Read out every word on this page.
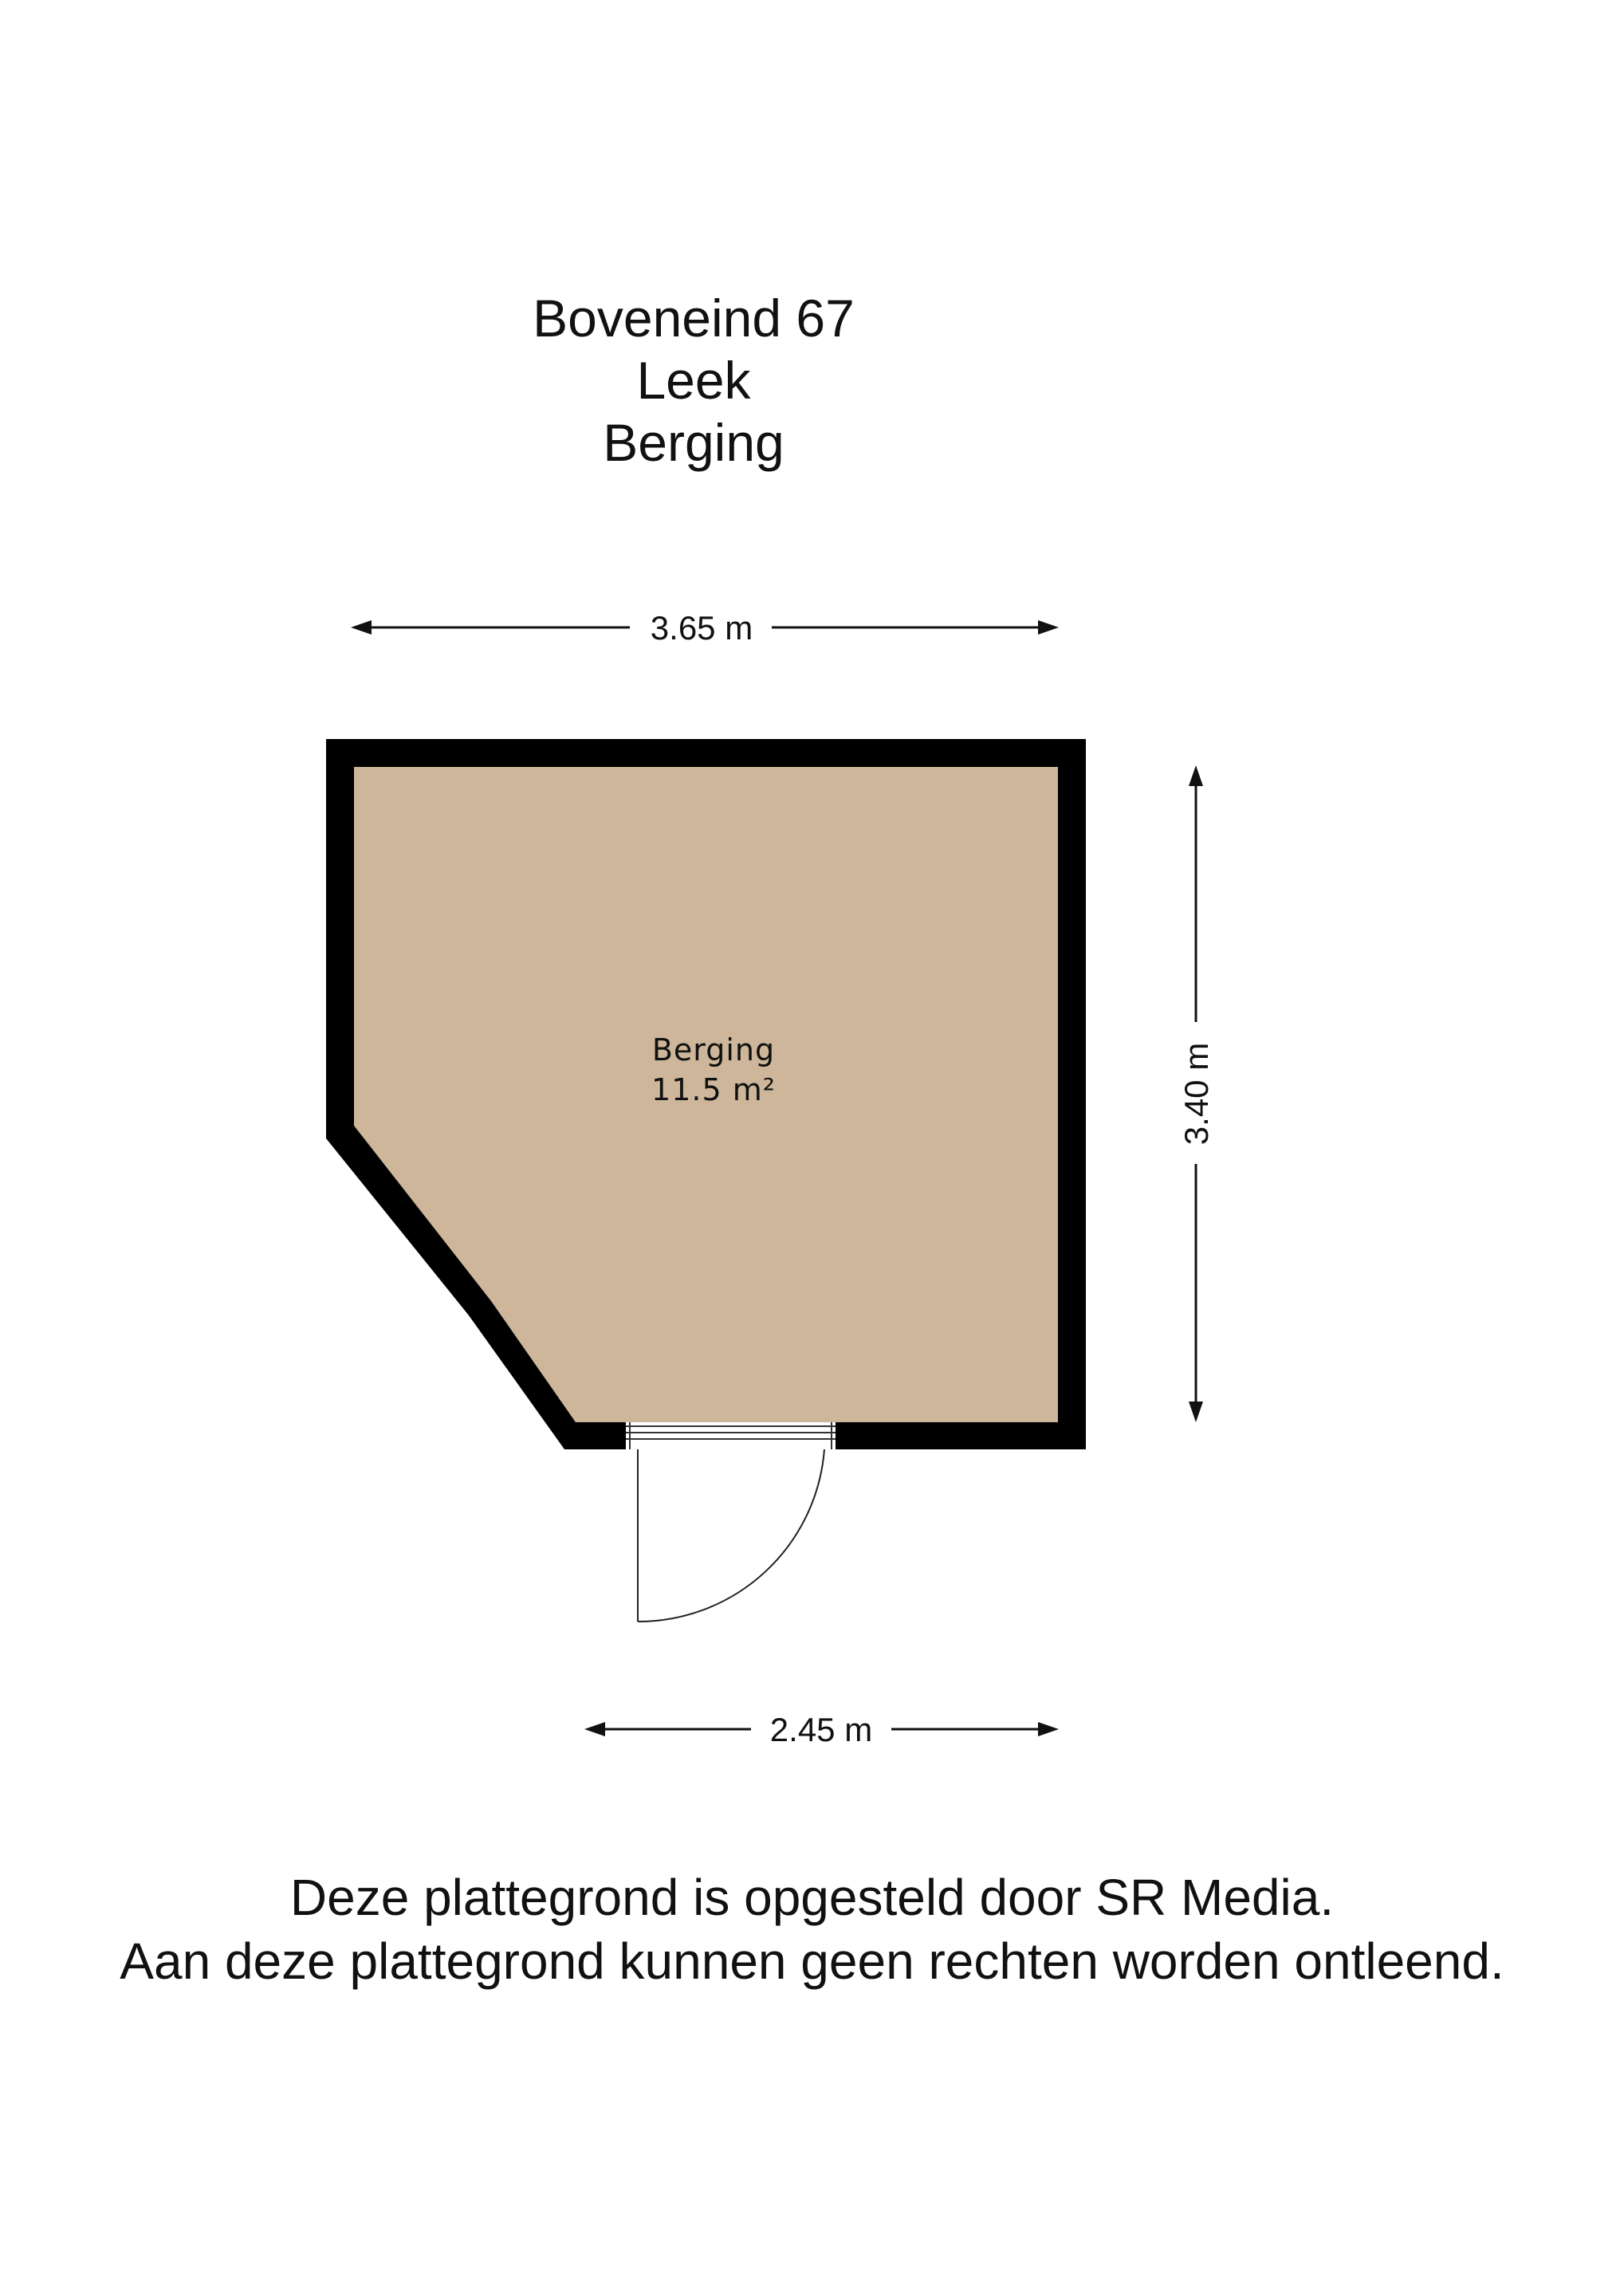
Boveneind 67
Leek
Berging
3.65 m
3.40 m
Berging
11.5 m²
2.45 m
Deze plattegrond is opgesteld door SR Media.
Aan deze plattegrond kunnen geen rechten worden ontleend.
